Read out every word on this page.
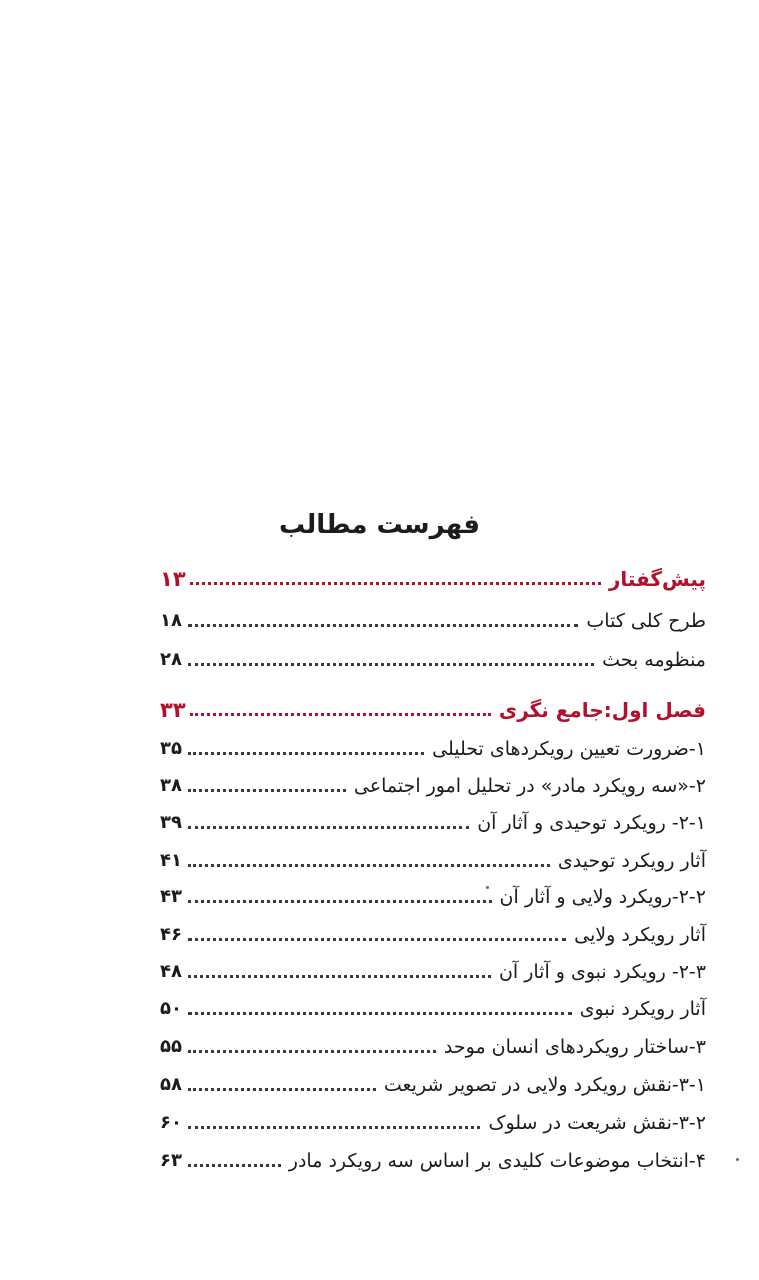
فهرست مطالب
پیش‌گفتار
۱۳
طرح کلی کتاب
۱۸
منظومه بحث
۲۸
فصل اول:جامع نگری
۳۳
۱-ضرورت تعیین رویکردهای تحلیلی
۳۵
۲-«سه رویکرد مادر» در تحلیل امور اجتماعی
۳۸
۲-۱- رویکرد توحیدی و آثار آن
۳۹
آثار رویکرد توحیدی
۴۱
۲-۲-رویکرد ولایی و آثار آن
۴۳
آثار رویکرد ولایی
۴۶
۲-۳- رویکرد نبوی و آثار آن
۴۸
آثار رویکرد نبوی
۵۰
۳-ساختار رویکردهای انسان موحد
۵۵
۳-۱-نقش رویکرد ولایی در تصویر شریعت
۵۸
۳-۲-نقش شریعت در سلوک
۶۰
۴-انتخاب موضوعات کلیدی بر اساس سه رویکرد مادر
۶۳
